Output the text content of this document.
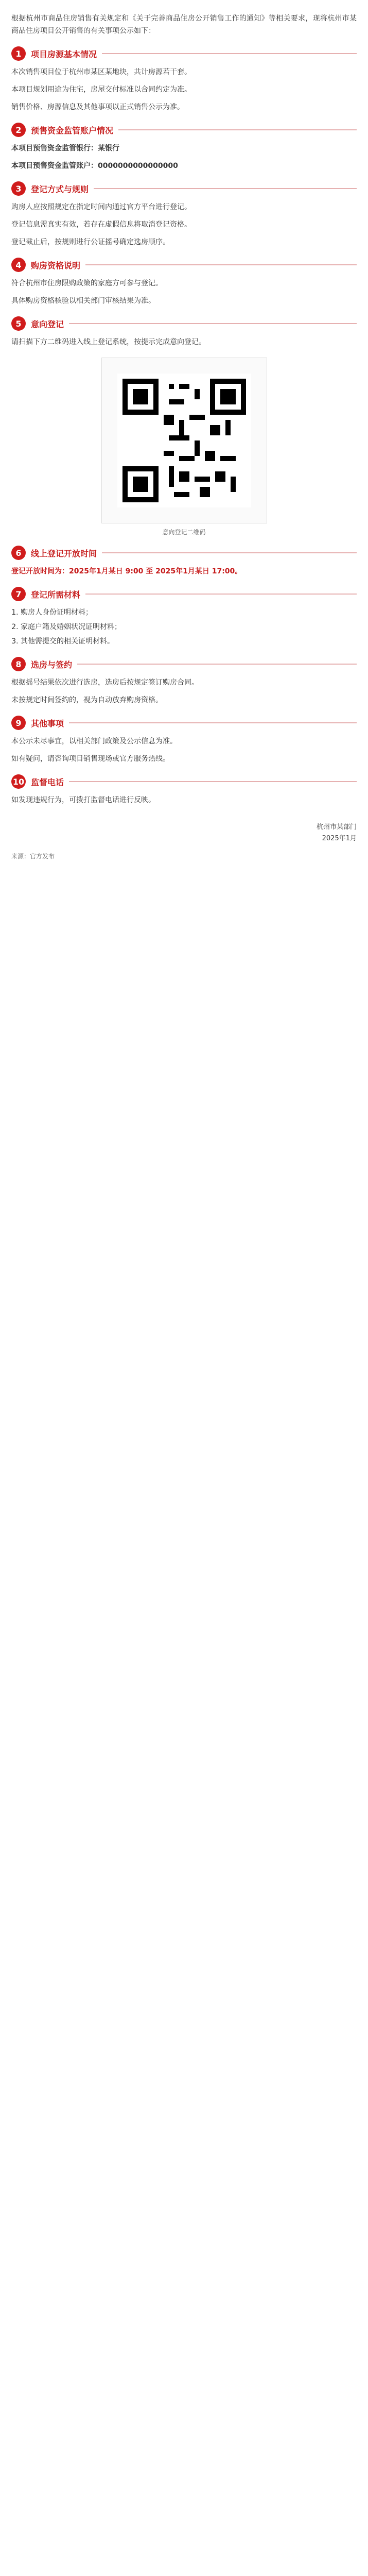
根据杭州市商品住房销售有关规定和《关于完善商品住房公开销售工作的通知》等相关要求，现将杭州市某商品住房项目公开销售的有关事项公示如下：

1	项目房源基本情况

本次销售项目位于杭州市某区某地块，共计房源若干套。

本项目规划用途为住宅，房屋交付标准以合同约定为准。

销售价格、房源信息及其他事项以正式销售公示为准。

2	预售资金监管账户情况

本项目预售资金监管银行：某银行

本项目预售资金监管账户：0000000000000000

3	登记方式与规则

购房人应按照规定在指定时间内通过官方平台进行登记。

登记信息需真实有效，若存在虚假信息将取消登记资格。

登记截止后，按规则进行公证摇号确定选房顺序。

4	购房资格说明

符合杭州市住房限购政策的家庭方可参与登记。

具体购房资格核验以相关部门审核结果为准。

5	意向登记

请扫描下方二维码进入线上登记系统，按提示完成意向登记。

意向登记二维码
6	线上登记开放时间

登记开放时间为：2025年1月某日 9:00 至 2025年1月某日 17:00。

7	登记所需材料
1. 购房人身份证明材料；
2. 家庭户籍及婚姻状况证明材料；
3. 其他需提交的相关证明材料。
8	选房与签约

根据摇号结果依次进行选房，选房后按规定签订购房合同。

未按规定时间签约的，视为自动放弃购房资格。

9	其他事项

本公示未尽事宜，以相关部门政策及公示信息为准。

如有疑问，请咨询项目销售现场或官方服务热线。

10 监督电话

如发现违规行为，可拨打监督电话进行反映。

杭州市某部门
2025年1月
来源：官方发布
